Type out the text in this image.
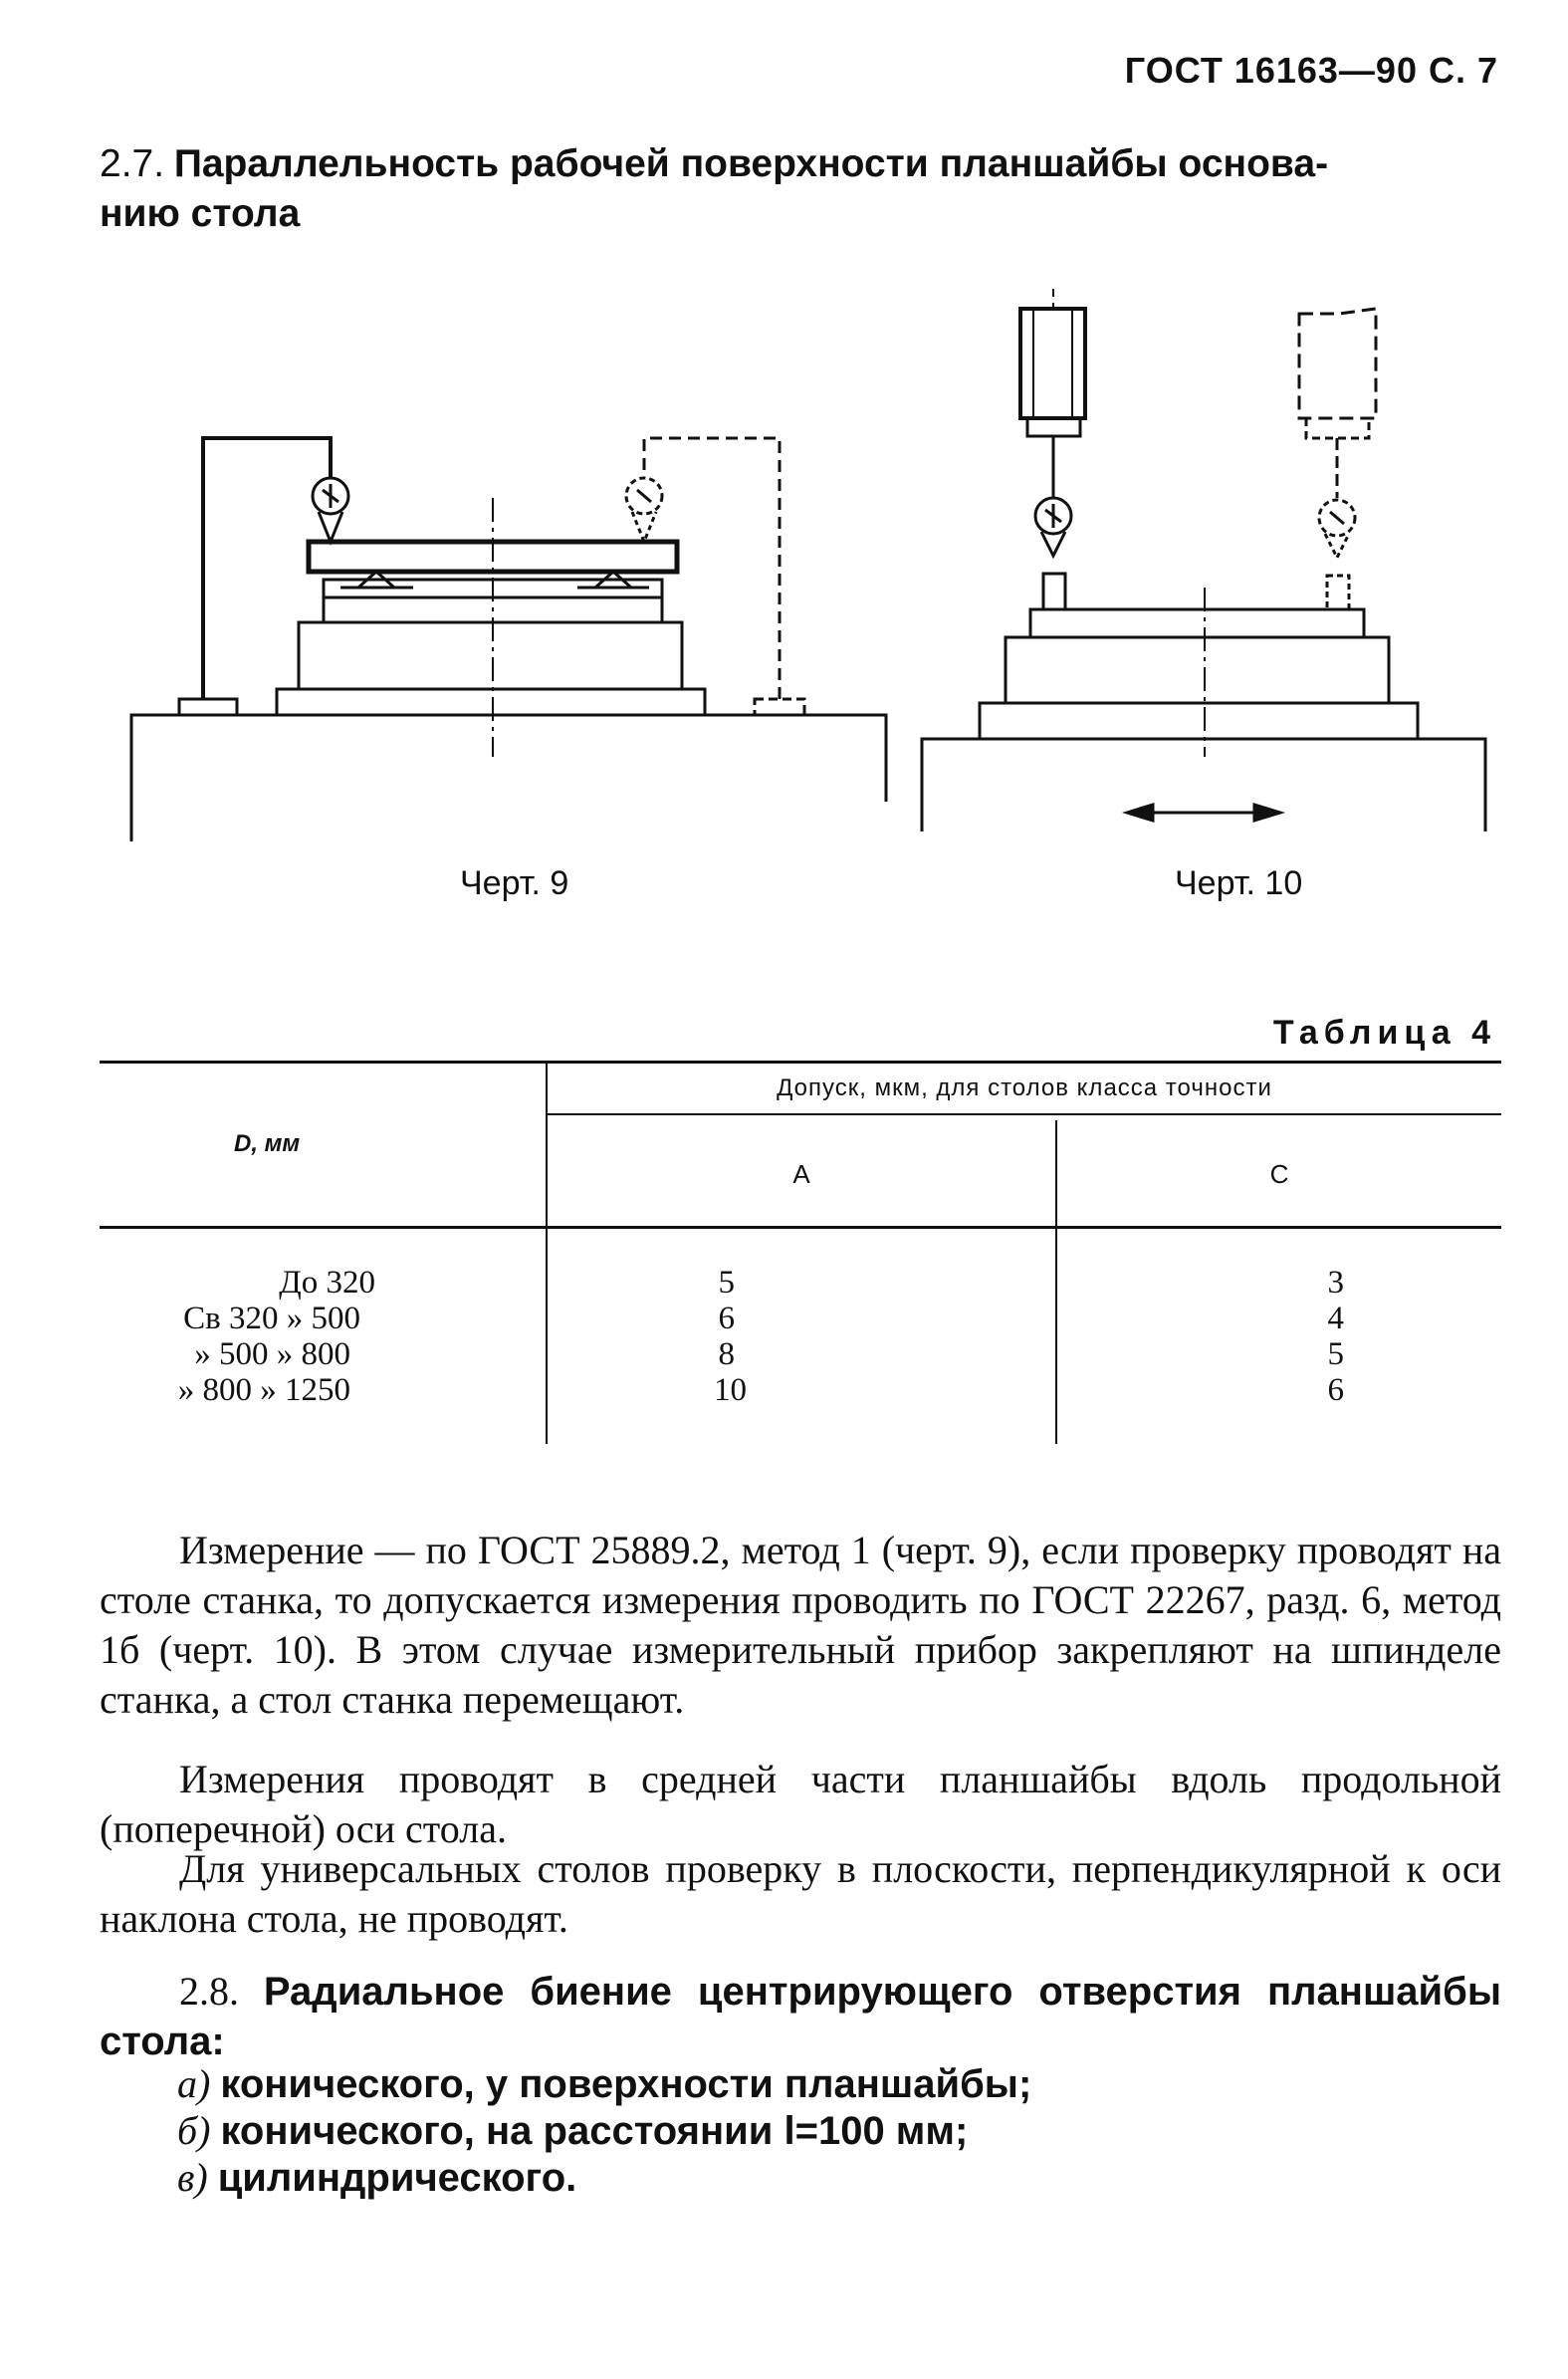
ГОСТ 16163—90 С. 7
2.7. Параллельность рабочей поверхности планшайбы основа-
нию стола
Черт. 9	Черт. 10
Таблица 4
D, мм
Допуск, мкм, для столов класса точности
А	С
До 320	5	3
Св 320 » 500	6	4
» 500 » 800	8	5
» 800 » 1250	10	6
Измерение — по ГОСТ 25889.2, метод 1 (черт. 9), если проверку проводят на столе станка, то допускается измерения проводить по ГОСТ 22267, разд. 6, метод 1б (черт. 10). В этом случае измерительный прибор закрепляют на шпинделе станка, а стол станка перемещают.
Измерения проводят в средней части планшайбы вдоль продольной (поперечной) оси стола.
Для универсальных столов проверку в плоскости, перпендикулярной к оси наклона стола, не проводят.
2.8. Радиальное биение центрирующего отверстия планшайбы стола:
а) конического, у поверхности планшайбы;
б) конического, на расстоянии l=100 мм;
в) цилиндрического.
